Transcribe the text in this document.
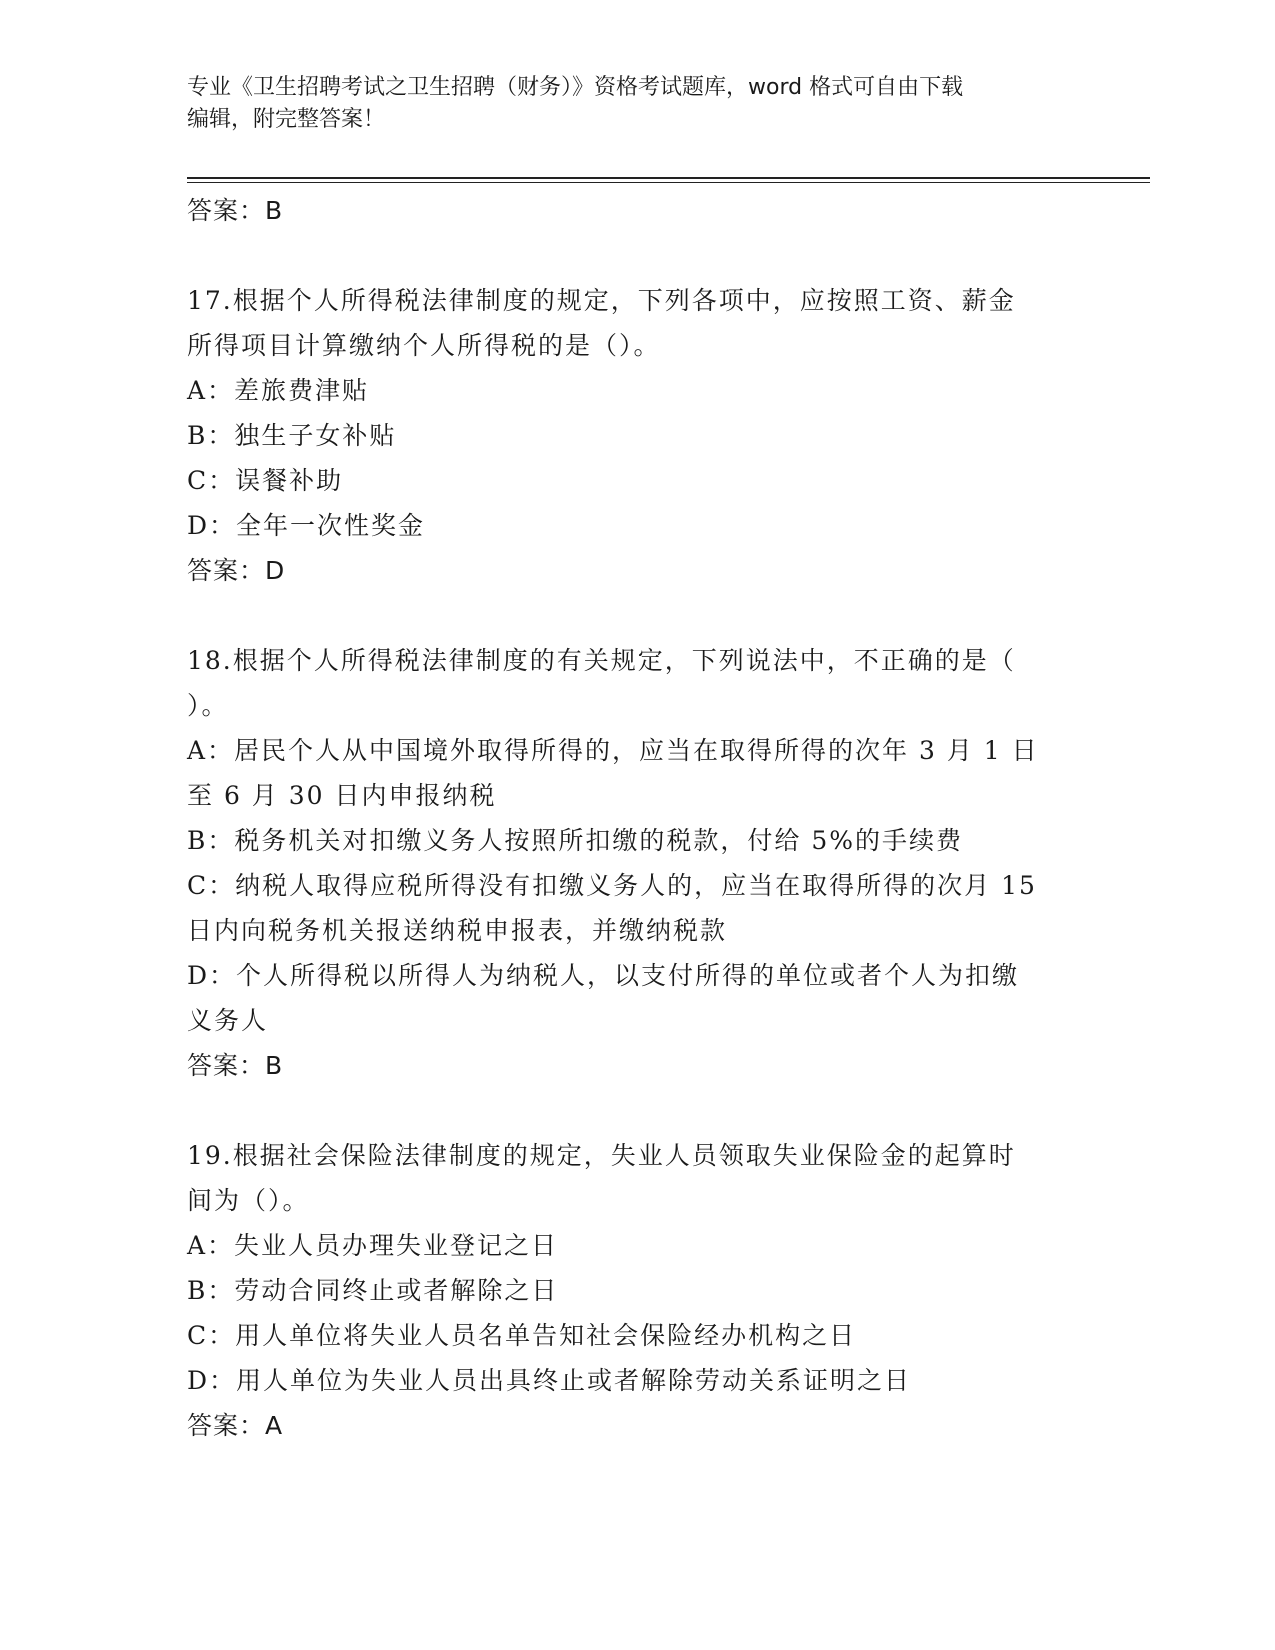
专业《卫生招聘考试之卫生招聘（财务）》资格考试题库，word 格式可自由下载
编辑，附完整答案！
答案：B
17.根据个人所得税法律制度的规定，下列各项中，应按照工资、薪金
所得项目计算缴纳个人所得税的是（）。
A：差旅费津贴
B：独生子女补贴
C：误餐补助
D：全年一次性奖金
答案：D
18.根据个人所得税法律制度的有关规定，下列说法中，不正确的是（
）。
A：居民个人从中国境外取得所得的，应当在取得所得的次年 3 月 1 日
至 6 月 30 日内申报纳税
B：税务机关对扣缴义务人按照所扣缴的税款，付给 5%的手续费
C：纳税人取得应税所得没有扣缴义务人的，应当在取得所得的次月 15
日内向税务机关报送纳税申报表，并缴纳税款
D：个人所得税以所得人为纳税人，以支付所得的单位或者个人为扣缴
义务人
答案：B
19.根据社会保险法律制度的规定，失业人员领取失业保险金的起算时
间为（）。
A：失业人员办理失业登记之日
B：劳动合同终止或者解除之日
C：用人单位将失业人员名单告知社会保险经办机构之日
D：用人单位为失业人员出具终止或者解除劳动关系证明之日
答案：A
